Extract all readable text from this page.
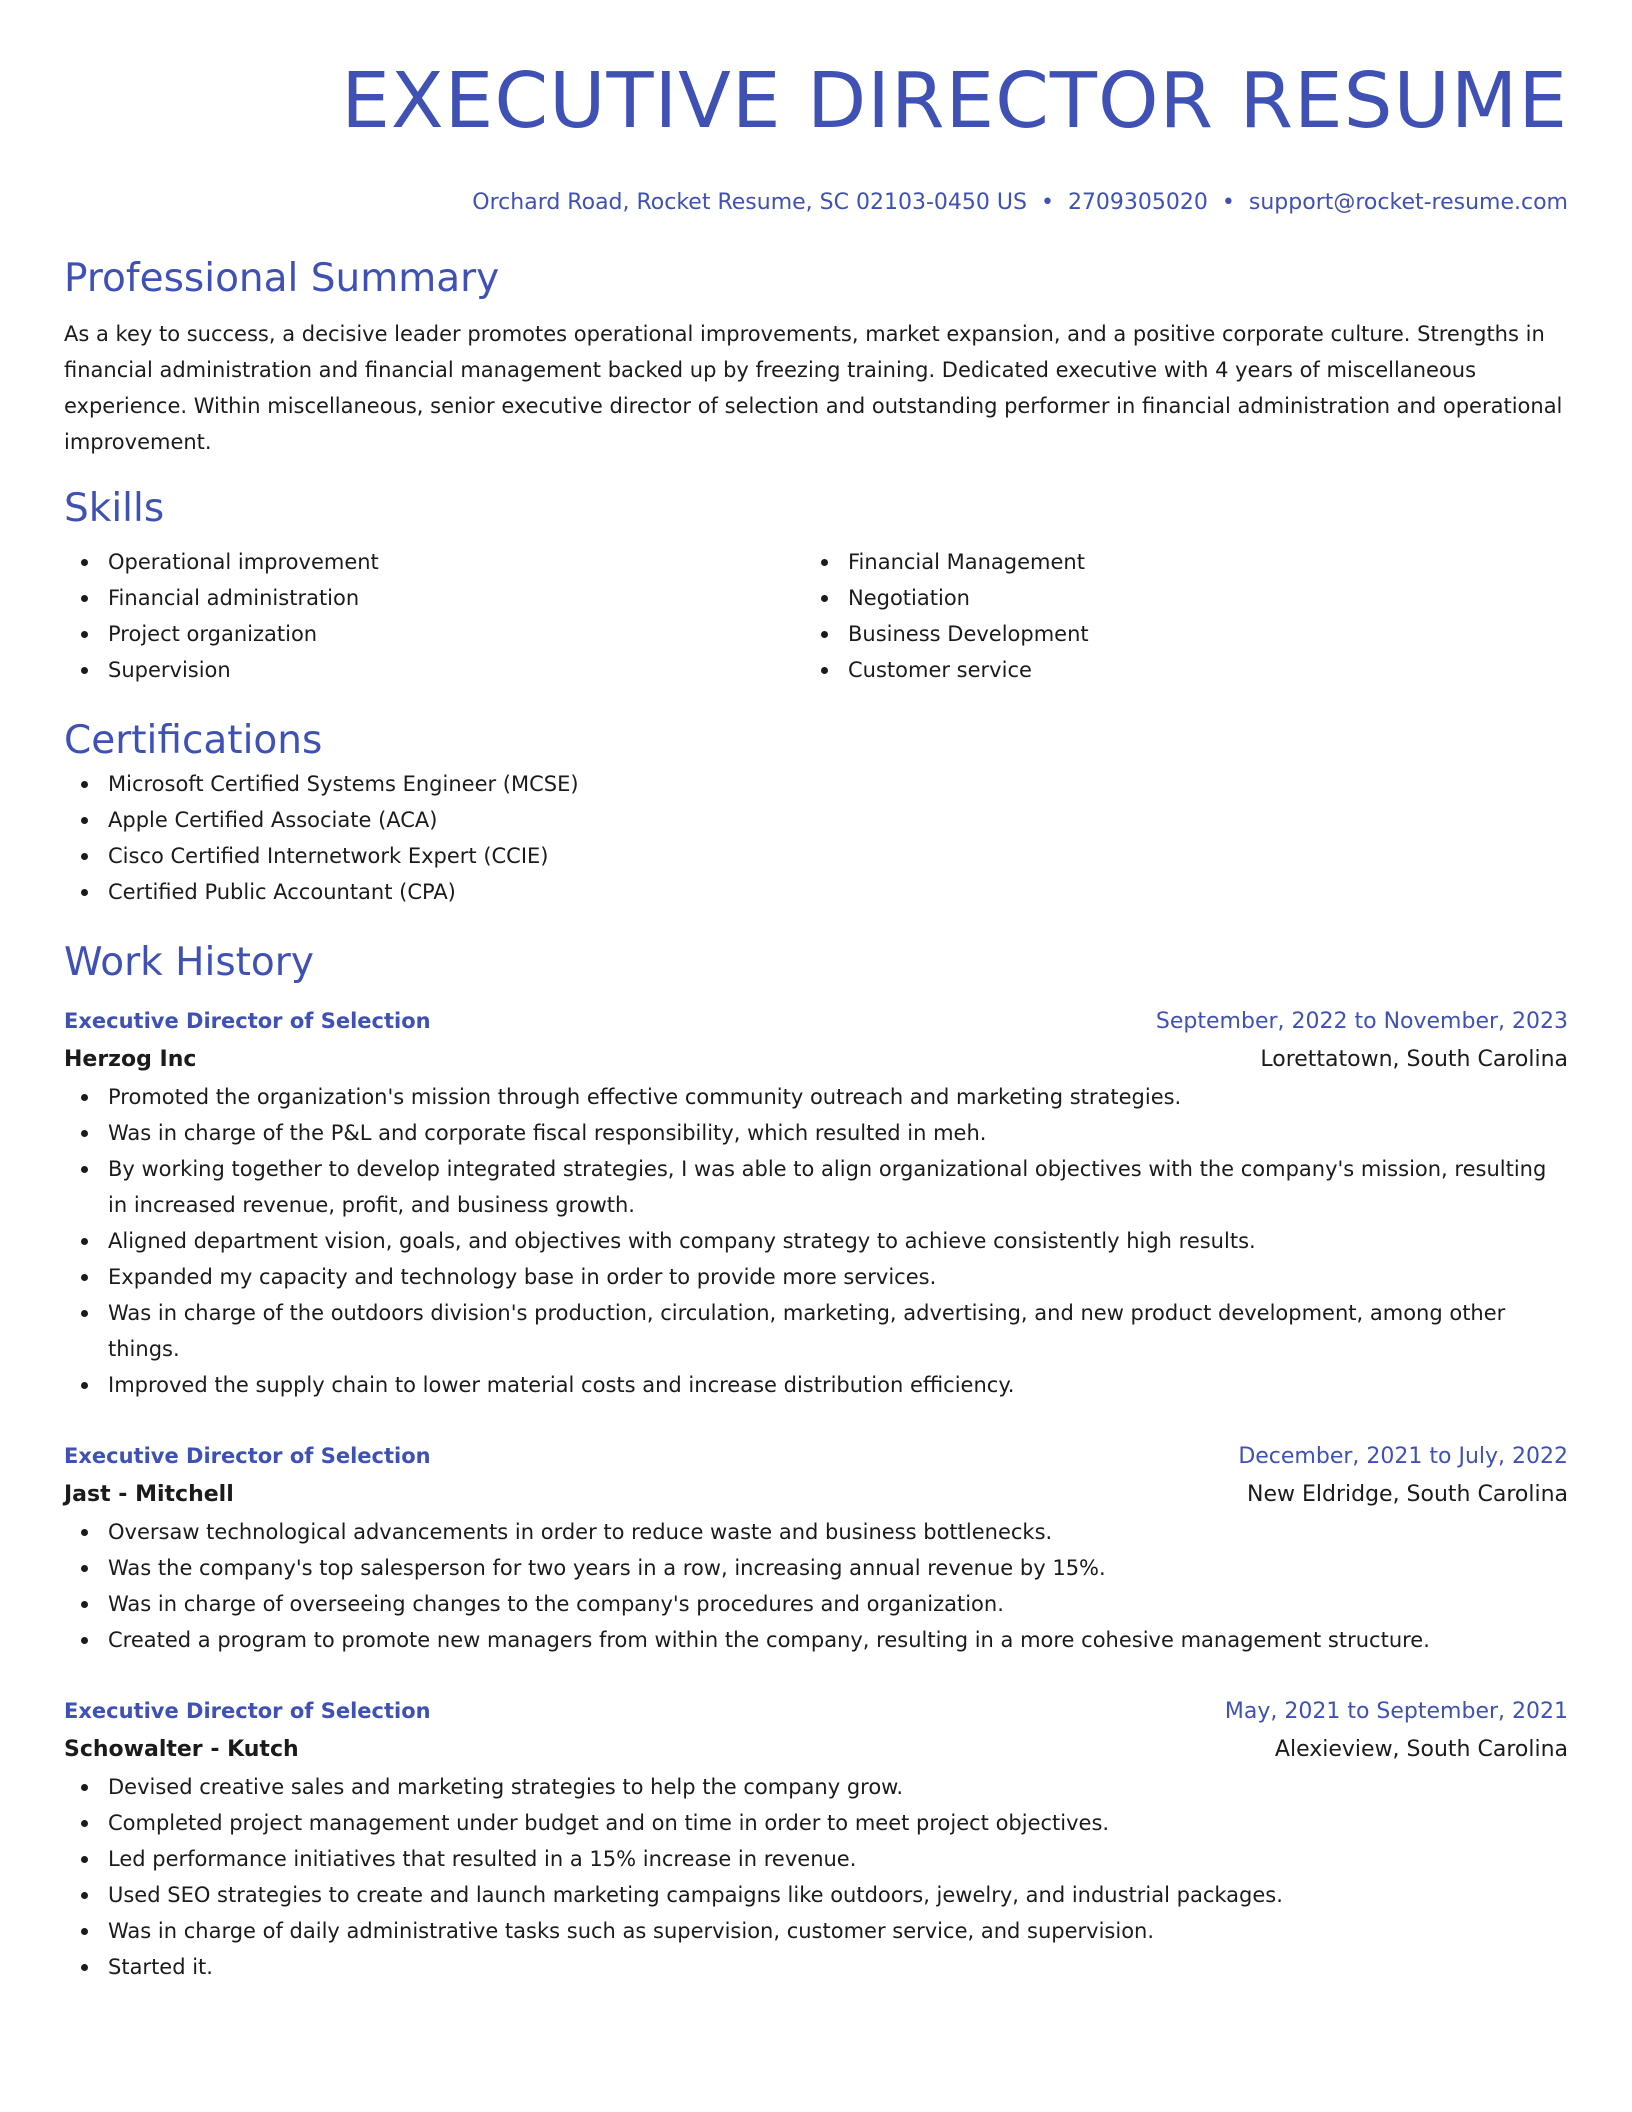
EXECUTIVE DIRECTOR RESUME
Orchard Road, Rocket Resume, SC 02103-0450 US • 2709305020 • support@rocket-resume.com
Professional Summary
As a key to success, a decisive leader promotes operational improvements, market expansion, and a positive corporate culture. Strengths in financial administration and financial management backed up by freezing training. Dedicated executive with 4 years of miscellaneous experience. Within miscellaneous, senior executive director of selection and outstanding performer in financial administration and operational improvement.
Skills
Operational improvement
Financial administration
Project organization
Supervision
Financial Management
Negotiation
Business Development
Customer service
Certifications
Microsoft Certified Systems Engineer (MCSE)
Apple Certified Associate (ACA)
Cisco Certified Internetwork Expert (CCIE)
Certified Public Accountant (CPA)
Work History
Executive Director of Selection	September, 2022 to November, 2023
Herzog Inc	Lorettatown, South Carolina
Promoted the organization's mission through effective community outreach and marketing strategies.
Was in charge of the P&L and corporate fiscal responsibility, which resulted in meh.
By working together to develop integrated strategies, I was able to align organizational objectives with the company's mission, resulting in increased revenue, profit, and business growth.
Aligned department vision, goals, and objectives with company strategy to achieve consistently high results.
Expanded my capacity and technology base in order to provide more services.
Was in charge of the outdoors division's production, circulation, marketing, advertising, and new product development, among other things.
Improved the supply chain to lower material costs and increase distribution efficiency.
Executive Director of Selection	December, 2021 to July, 2022
Jast - Mitchell	New Eldridge, South Carolina
Oversaw technological advancements in order to reduce waste and business bottlenecks.
Was the company's top salesperson for two years in a row, increasing annual revenue by 15%.
Was in charge of overseeing changes to the company's procedures and organization.
Created a program to promote new managers from within the company, resulting in a more cohesive management structure.
Executive Director of Selection	May, 2021 to September, 2021
Schowalter - Kutch	Alexieview, South Carolina
Devised creative sales and marketing strategies to help the company grow.
Completed project management under budget and on time in order to meet project objectives.
Led performance initiatives that resulted in a 15% increase in revenue.
Used SEO strategies to create and launch marketing campaigns like outdoors, jewelry, and industrial packages.
Was in charge of daily administrative tasks such as supervision, customer service, and supervision.
Started it.
